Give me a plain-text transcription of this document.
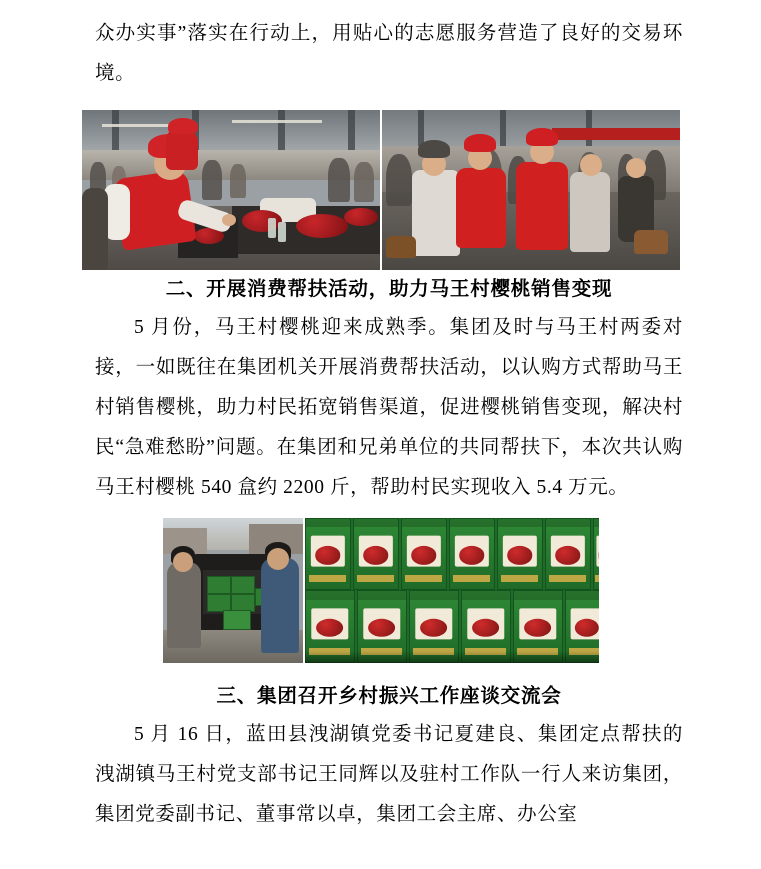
众办实事”落实在行动上，用贴心的志愿服务营造了良好的交易环境。

二、开展消费帮扶活动，助力马王村樱桃销售变现

5 月份，马王村樱桃迎来成熟季。集团及时与马王村两委对接，一如既往在集团机关开展消费帮扶活动，以认购方式帮助马王村销售樱桃，助力村民拓宽销售渠道，促进樱桃销售变现，解决村民“急难愁盼”问题。在集团和兄弟单位的共同帮扶下，本次共认购马王村樱桃 540 盒约 2200 斤，帮助村民实现收入 5.4 万元。

三、集团召开乡村振兴工作座谈交流会

5 月 16 日，蓝田县洩湖镇党委书记夏建良、集团定点帮扶的洩湖镇马王村党支部书记王同辉以及驻村工作队一行人来访集团，集团党委副书记、董事常以卓，集团工会主席、办公室
